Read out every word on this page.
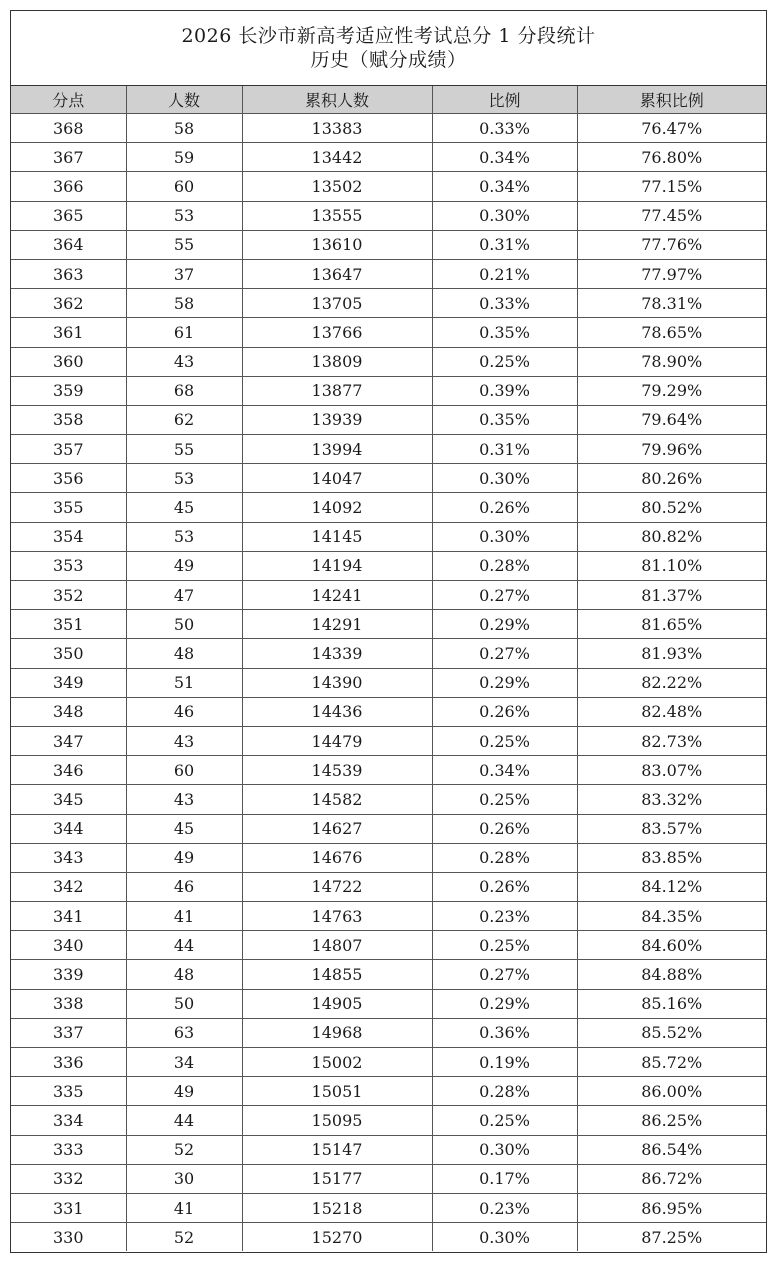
2026 长沙市新高考适应性考试总分 1 分段统计
历史（赋分成绩）
分点	人数	累积人数	比例	累积比例
368	58	13383	0.33%	76.47%
367	59	13442	0.34%	76.80%
366	60	13502	0.34%	77.15%
365	53	13555	0.30%	77.45%
364	55	13610	0.31%	77.76%
363	37	13647	0.21%	77.97%
362	58	13705	0.33%	78.31%
361	61	13766	0.35%	78.65%
360	43	13809	0.25%	78.90%
359	68	13877	0.39%	79.29%
358	62	13939	0.35%	79.64%
357	55	13994	0.31%	79.96%
356	53	14047	0.30%	80.26%
355	45	14092	0.26%	80.52%
354	53	14145	0.30%	80.82%
353	49	14194	0.28%	81.10%
352	47	14241	0.27%	81.37%
351	50	14291	0.29%	81.65%
350	48	14339	0.27%	81.93%
349	51	14390	0.29%	82.22%
348	46	14436	0.26%	82.48%
347	43	14479	0.25%	82.73%
346	60	14539	0.34%	83.07%
345	43	14582	0.25%	83.32%
344	45	14627	0.26%	83.57%
343	49	14676	0.28%	83.85%
342	46	14722	0.26%	84.12%
341	41	14763	0.23%	84.35%
340	44	14807	0.25%	84.60%
339	48	14855	0.27%	84.88%
338	50	14905	0.29%	85.16%
337	63	14968	0.36%	85.52%
336	34	15002	0.19%	85.72%
335	49	15051	0.28%	86.00%
334	44	15095	0.25%	86.25%
333	52	15147	0.30%	86.54%
332	30	15177	0.17%	86.72%
331	41	15218	0.23%	86.95%
330	52	15270	0.30%	87.25%
